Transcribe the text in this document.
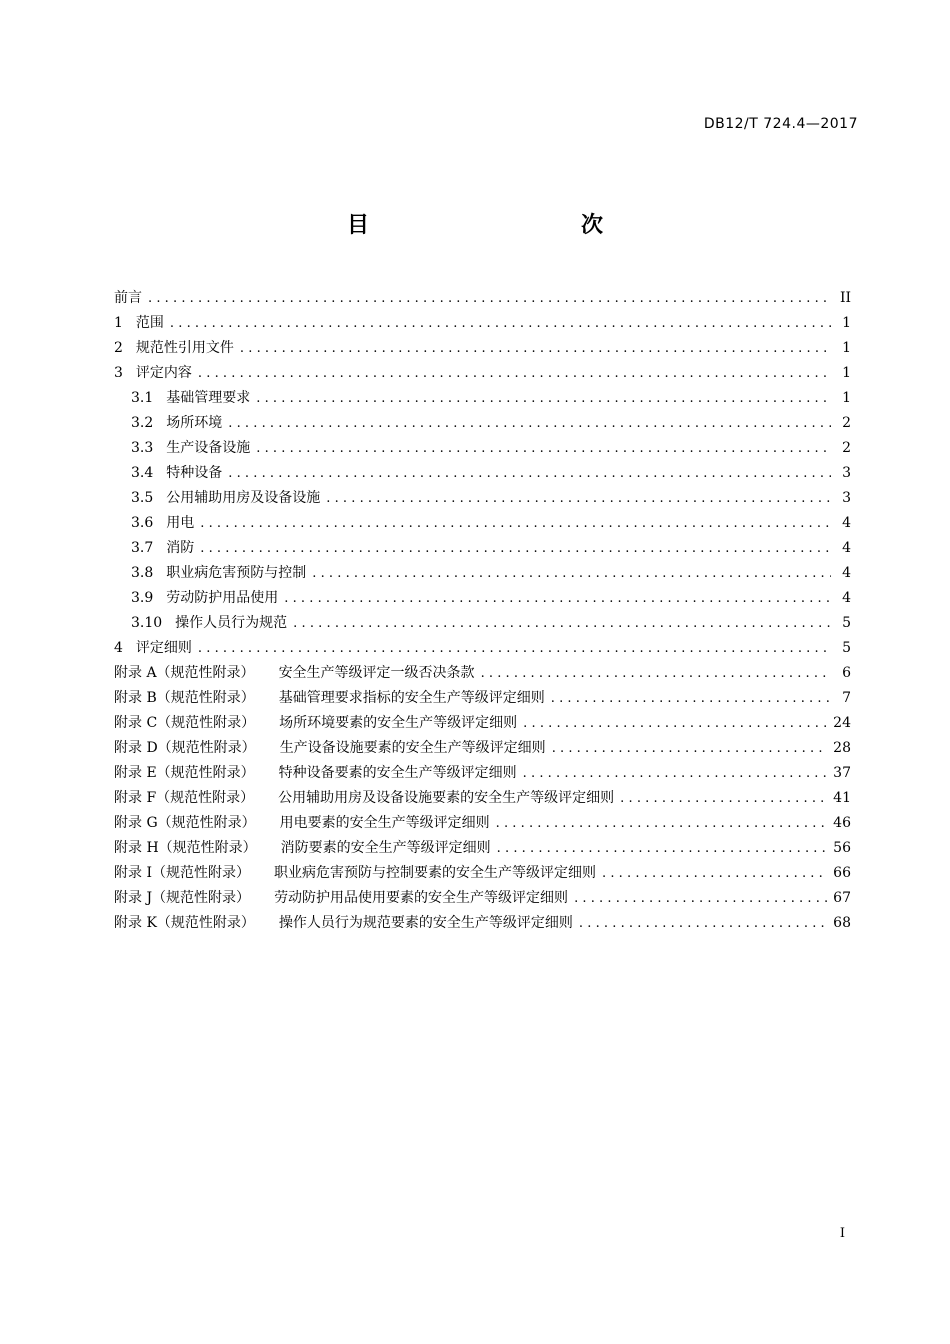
DB12/T 724.4—2017
目　　次
前言 .....	II
1 范围 .....	1
2 规范性引用文件 .....	1
3 评定内容 .....	1
3.1 基础管理要求 .....	1
3.2 场所环境 .....	2
3.3 生产设备设施 .....	2
3.4 特种设备 .....	3
3.5 公用辅助用房及设备设施 .....	3
3.6 用电 .....	4
3.7 消防 .....	4
3.8 职业病危害预防与控制 .....	4
3.9 劳动防护用品使用 .....	4
3.10 操作人员行为规范 .....	5
4 评定细则 .....	5
附录 A（规范性附录） 安全生产等级评定一级否决条款 .....	6
附录 B（规范性附录） 基础管理要求指标的安全生产等级评定细则 .....	7
附录 C（规范性附录） 场所环境要素的安全生产等级评定细则 .....	24
附录 D（规范性附录） 生产设备设施要素的安全生产等级评定细则 .....	28
附录 E（规范性附录） 特种设备要素的安全生产等级评定细则 .....	37
附录 F（规范性附录） 公用辅助用房及设备设施要素的安全生产等级评定细则 .....	41
附录 G（规范性附录） 用电要素的安全生产等级评定细则 .....	46
附录 H（规范性附录） 消防要素的安全生产等级评定细则 .....	56
附录 I（规范性附录） 职业病危害预防与控制要素的安全生产等级评定细则 .....	66
附录 J（规范性附录） 劳动防护用品使用要素的安全生产等级评定细则 .....	67
附录 K（规范性附录） 操作人员行为规范要素的安全生产等级评定细则 .....	68
I
